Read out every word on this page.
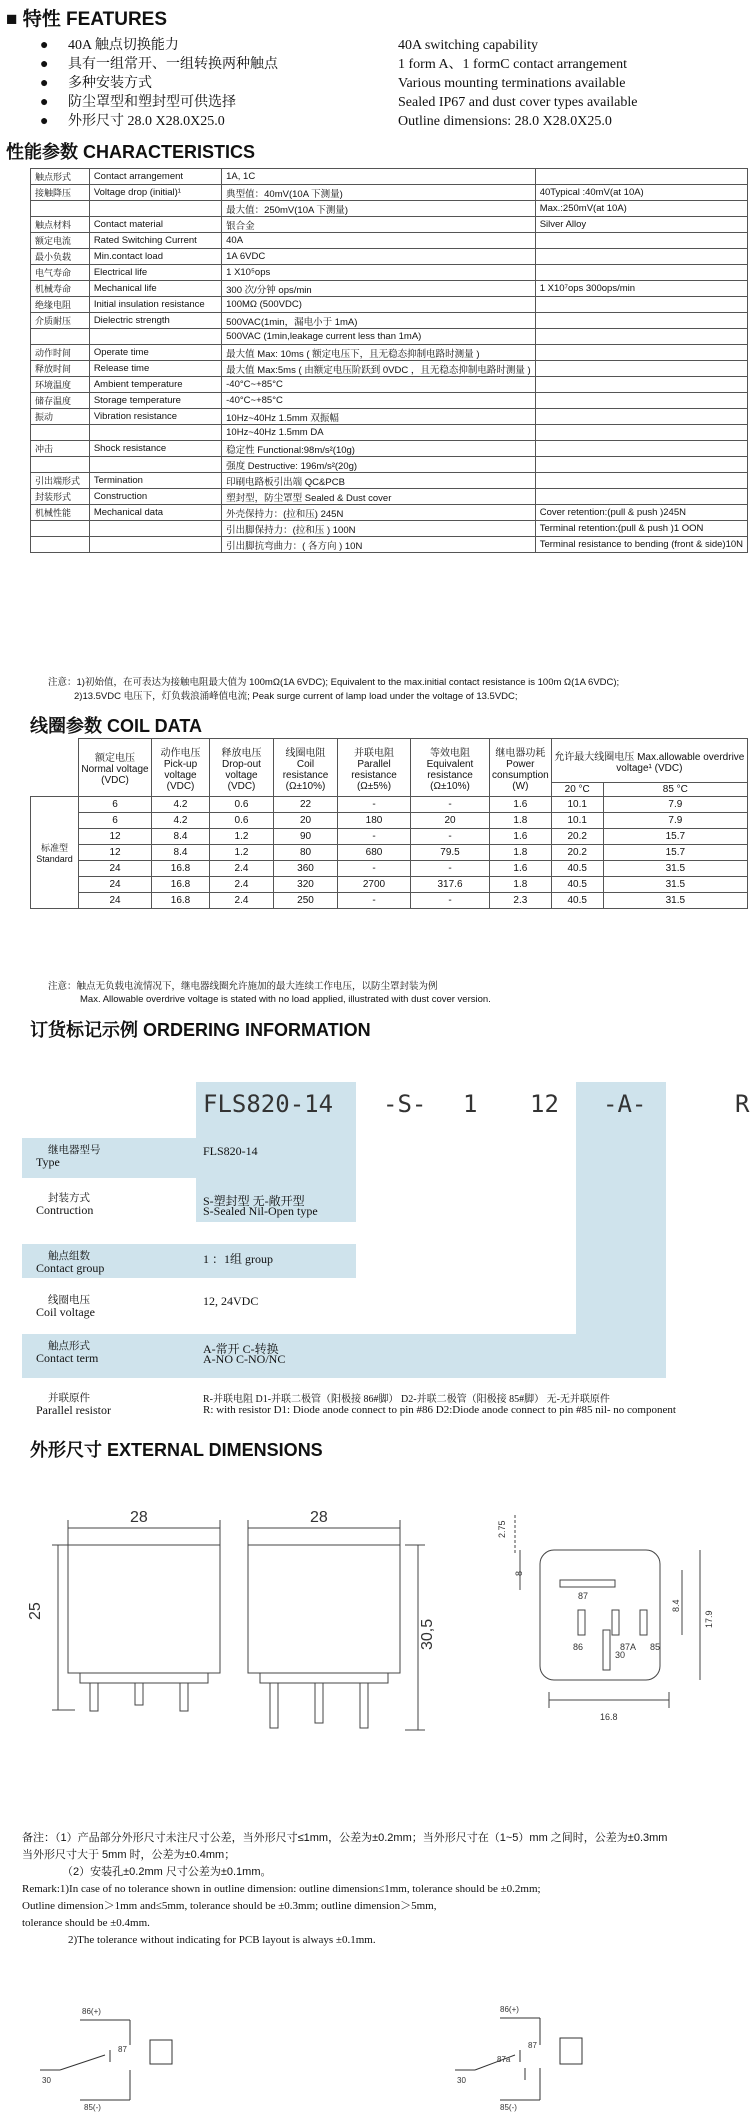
■ 特性 FEATURES
●	40A 触点切换能力	40A switching capability
●	具有一组常开、一组转换两种触点	1 form A、1 formC contact arrangement
●	多种安装方式	Various mounting terminations available
●	防尘罩型和塑封型可供选择	Sealed IP67 and dust cover types available
●	外形尺寸 28.0 X28.0X25.0	Outline dimensions: 28.0 X28.0X25.0
性能参数 CHARACTERISTICS
触点形式	Contact arrangement	1A, 1C	
接触降压	Voltage drop (initial)¹	典型值：40mV(10A 下测量)	40Typical :40mV(at 10A)
		最大值：250mV(10A 下测量)	Max.:250mV(at 10A)
触点材料	Contact material	银合金	Silver Alloy
额定电流	Rated Switching Current	40A	
最小负载	Min.contact load	1A 6VDC	
电气寿命	Electrical life	1 X10⁵ops	
机械寿命	Mechanical life	300 次/分钟 ops/min	1 X10⁷ops 300ops/min
绝缘电阻	Initial insulation resistance	100MΩ (500VDC)	
介质耐压	Dielectric strength	500VAC(1min，漏电小于 1mA)	
		500VAC (1min,leakage current less than 1mA)	
动作时间	Operate time	最大值 Max: 10ms ( 额定电压下，且无稳态抑制电路时测量 )	
释放时间	Release time	最大值 Max:5ms ( 由额定电压阶跃到 0VDC ，且无稳态抑制电路时测量 )	
环境温度	Ambient temperature	-40°C~+85°C	
储存温度	Storage temperature	-40°C~+85°C	
振动	Vibration resistance	10Hz~40Hz 1.5mm 双振幅	
		10Hz~40Hz 1.5mm DA	
冲击	Shock resistance	稳定性 Functional:98m/s²(10g)	
		强度 Destructive: 196m/s²(20g)	
引出端形式	Termination	印刷电路板引出端 QC&PCB	
封装形式	Construction	塑封型，防尘罩型 Sealed & Dust cover	
机械性能	Mechanical data	外壳保持力：(拉和压) 245N	Cover retention:(pull & push )245N
		引出脚保持力：(拉和压 ) 100N	Terminal retention:(pull & push )1 OON
		引出脚抗弯曲力：( 各方向 ) 10N	Terminal resistance to bending (front & side)10N
注意：1)初始值，在可表达为接触电阻最大值为 100mΩ(1A 6VDC); Equivalent to the max.initial contact resistance is 100m Ω(1A 6VDC);
2)13.5VDC 电压下，灯负载浪涌峰值电流; Peak surge current of lamp load under the voltage of 13.5VDC;
线圈参数 COIL DATA
	额定电压 Normal voltage (VDC)	动作电压 Pick-up voltage (VDC)	释放电压 Drop-out voltage (VDC)	线圈电阻 Coil resistance (Ω±10%)	并联电阻 Parallel resistance (Ω±5%)	等效电阻 Equivalent resistance (Ω±10%)	继电器功耗 Power consumption (W)	允许最大线圈电压 Max.allowable overdrive voltage¹ (VDC)	
								20 °C	85 °C
标准型 Standard	6	4.2	0.6	22	-	-	1.6	10.1	7.9
	6	4.2	0.6	20	180	20	1.8	10.1	7.9
	12	8.4	1.2	90	-	-	1.6	20.2	15.7
	12	8.4	1.2	80	680	79.5	1.8	20.2	15.7
	24	16.8	2.4	360	-	-	1.6	40.5	31.5
	24	16.8	2.4	320	2700	317.6	1.8	40.5	31.5
	24	16.8	2.4	250	-	-	2.3	40.5	31.5
注意：触点无负载电流情况下，继电器线圈允许施加的最大连续工作电压，以防尘罩封装为例
Max. Allowable overdrive voltage is stated with no load applied, illustrated with dust cover version.
订货标记示例 ORDERING INFORMATION
FLS820-14 -S- 1 12 -A-	R
继电器型号
Type
FLS820-14
封装方式
Contruction
S-塑封型 无-敞开型
S-Sealed Nil-Open type
触点组数
Contact group
1 ：1组 group
线圈电压
Coil voltage
12, 24VDC
触点形式
Contact term
A-常开 C-转换
A-NO C-NO/NC
并联原件
Parallel resistor
R-并联电阻 D1-并联二极管（阳极接 86#脚） D2-并联二极管（阳极接 85#脚） 无-无并联原件
R: with resistor D1: Diode anode connect to pin #86 D2:Diode anode connect to pin #85 nil- no component
外形尺寸 EXTERNAL DIMENSIONS
28	28
25
30,5
2.75
8
8.4
17.9
16.8
87
86	87A 85
30
备注：（1）产品部分外形尺寸未注尺寸公差，当外形尺寸≤1mm，公差为±0.2mm；当外形尺寸在（1~5）mm 之间时，公差为±0.3mm
当外形尺寸大于 5mm 时，公差为±0.4mm；
（2）安装孔±0.2mm 尺寸公差为±0.1mm。
Remark:1)In case of no tolerance shown in outline dimension: outline dimension≤1mm, tolerance should be ±0.2mm;
Outline dimension＞1mm and≤5mm, tolerance should be ±0.3mm; outline dimension＞5mm,
tolerance should be ±0.4mm.
2)The tolerance without indicating for PCB layout is always ±0.1mm.
86(+)
85(-)
30
87
86(+)
85(-)
30
87
87a
